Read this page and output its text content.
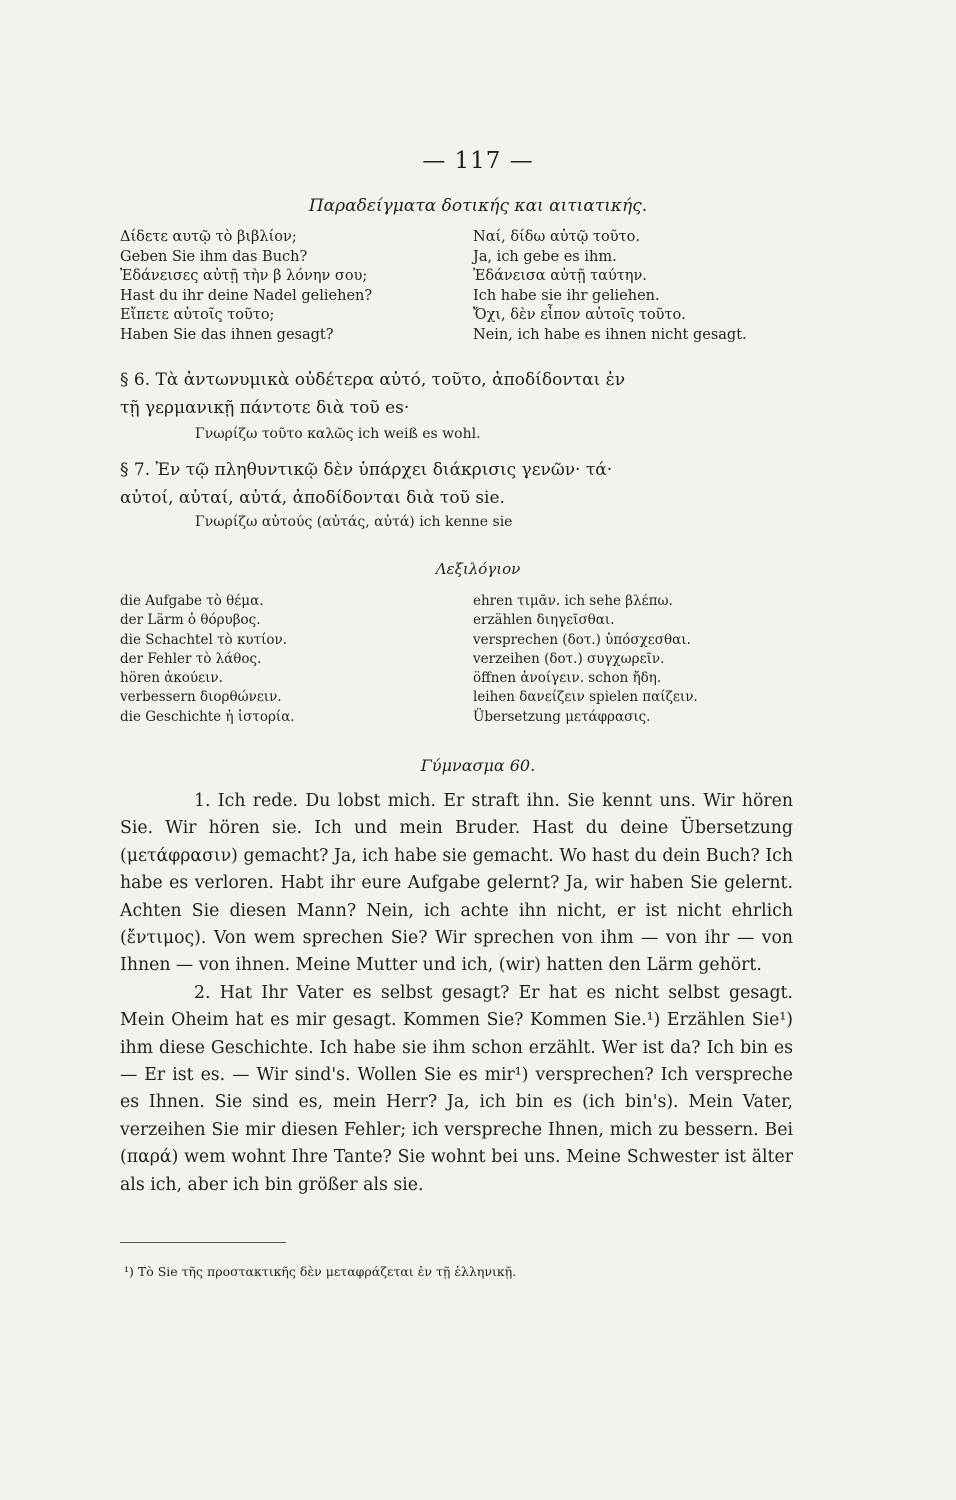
— 117 —
Παραδείγματα δοτικής και αιτιατικής.
Δίδετε αυτῷ τὸ βιβλίον;	Ναί, δίδω αὐτῷ τοῦτο.
Geben Sie ihm das Buch?	Ja, ich gebe es ihm.
Ἐδάνεισες αὐτῇ τὴν β λόνην σου;	Ἐδάνεισα αὐτῇ ταύτην.
Hast du ihr deine Nadel geliehen?	Ich habe sie ihr geliehen.
Εἴπετε αὐτοῖς τοῦτο;	Ὄχι, δὲν εἶπον αὐτοῖς τοῦτο.
Haben Sie das ihnen gesagt?	Nein, ich habe es ihnen nicht gesagt.
§ 6. Τὰ ἀντωνυμικὰ οὐδέτερα αὐτό, τοῦτο, ἀποδίδονται ἐν
τῇ γερμανικῇ πάντοτε διὰ τοῦ es·
Γνωρίζω τοῦτο καλῶς ich weiß es wohl.
§ 7. Ἐν τῷ πληθυντικῷ δὲν ὑπάρχει διάκρισις γενῶν· τά·
αὐτοί, αὐταί, αὐτά, ἀποδίδονται διὰ τοῦ sie.
Γνωρίζω αὐτούς (αὐτάς, αὐτά) ich kenne sie
Λεξιλόγιον
die Aufgabe τὸ θέμα.	ehren τιμᾶν. ich sehe βλέπω.
der Lärm ὁ θόρυβος.	erzählen διηγεῖσθαι.
die Schachtel τὸ κυτίον.	versprechen (δοτ.) ὑπόσχεσθαι.
der Fehler τὸ λάθος.	verzeihen (δοτ.) συγχωρεῖν.
hören ἀκούειν.	öffnen ἀνοίγειν. schon ἤδη.
verbessern διορθώνειν.	leihen δανείζειν spielen παίζειν.
die Geschichte ἡ ἱστορία.	Übersetzung μετάφρασις.
Γύμνασμα 60.

1. Ich rede. Du lobst mich. Er straft ihn. Sie kennt uns. Wir hören Sie. Wir hören sie. Ich und mein Bruder. Hast du deine Übersetzung (μετάφρασιν) gemacht? Ja, ich habe sie gemacht. Wo hast du dein Buch? Ich habe es verloren. Habt ihr eure Aufgabe gelernt? Ja, wir haben Sie gelernt. Achten Sie diesen Mann? Nein, ich achte ihn nicht, er ist nicht ehrlich (ἔντιμος). Von wem sprechen Sie? Wir sprechen von ihm — von ihr — von Ihnen — von ihnen. Meine Mutter und ich, (wir) hatten den Lärm gehört.

2. Hat Ihr Vater es selbst gesagt? Er hat es nicht selbst gesagt. Mein Oheim hat es mir gesagt. Kommen Sie? Kommen Sie.¹) Erzählen Sie¹) ihm diese Geschichte. Ich habe sie ihm schon erzählt. Wer ist da? Ich bin es — Er ist es. — Wir sind's. Wollen Sie es mir¹) versprechen? Ich verspreche es Ihnen. Sie sind es, mein Herr? Ja, ich bin es (ich bin's). Mein Vater, verzeihen Sie mir diesen Fehler; ich verspreche Ihnen, mich zu bessern. Bei (παρά) wem wohnt Ihre Tante? Sie wohnt bei uns. Meine Schwester ist älter als ich, aber ich bin größer als sie.

¹) Τὸ Sie τῆς προστακτικῆς δὲν μεταφράζεται ἐν τῇ ἑλληνικῇ.
